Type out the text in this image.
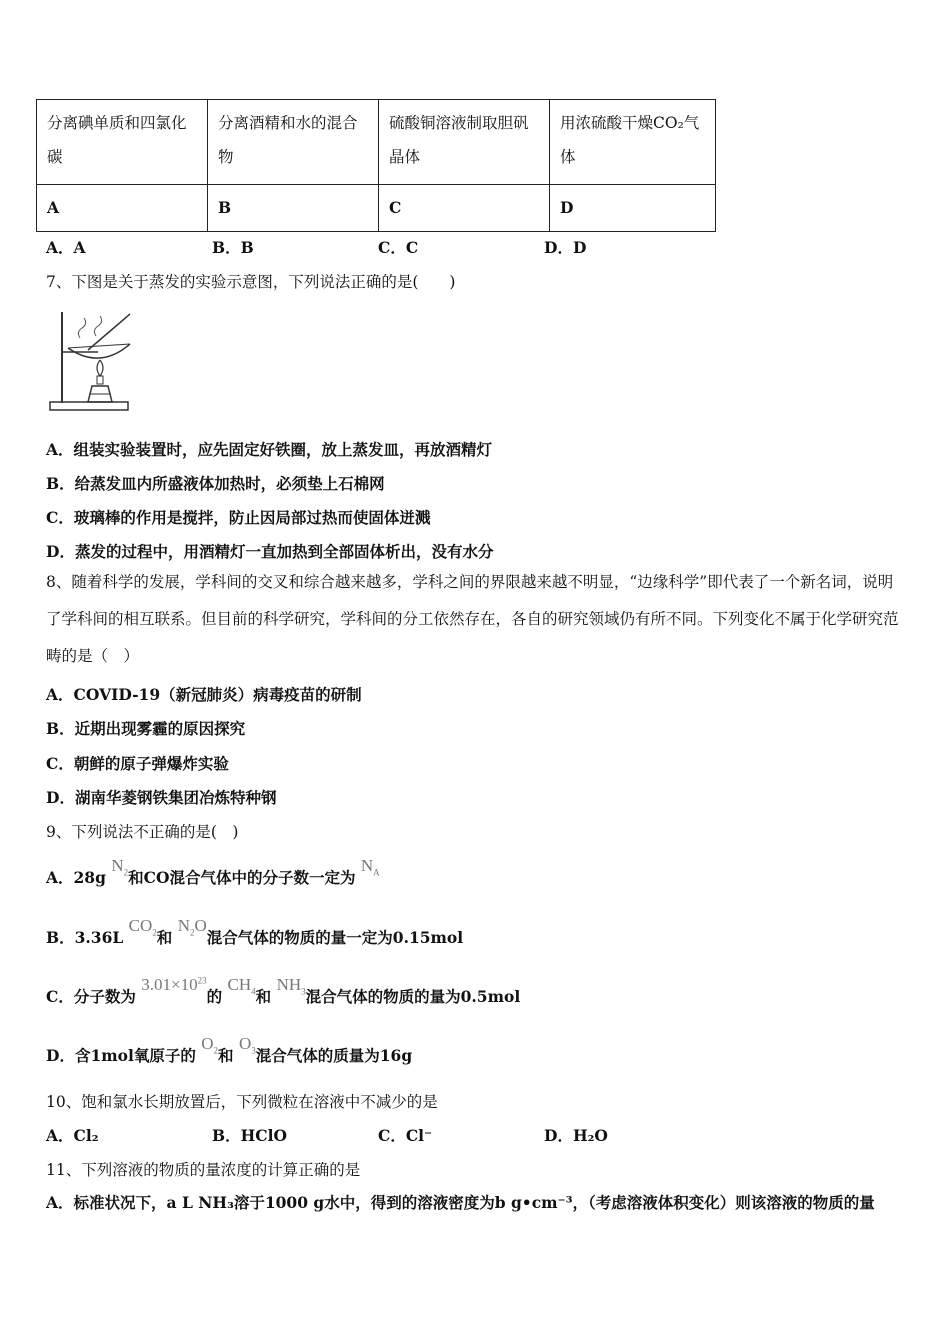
分离碘单质和四氯化碳	分离酒精和水的混合物	硫酸铜溶液制取胆矾晶体	用浓硫酸干燥CO₂气体
A	B	C	D
A．A	B．B	C．C	D．D
7、下图是关于蒸发的实验示意图，下列说法正确的是(　　)
A．组装实验装置时，应先固定好铁圈，放上蒸发皿，再放酒精灯
B．给蒸发皿内所盛液体加热时，必须垫上石棉网
C．玻璃棒的作用是搅拌，防止因局部过热而使固体迸溅
D．蒸发的过程中，用酒精灯一直加热到全部固体析出，没有水分
8、随着科学的发展，学科间的交叉和综合越来越多，学科之间的界限越来越不明显，“边缘科学”即代表了一个新名词，说明了学科间的相互联系。但目前的科学研究，学科间的分工依然存在，各自的研究领域仍有所不同。下列变化不属于化学研究范畴的是（　）
A．COVID-19（新冠肺炎）病毒疫苗的研制
B．近期出现雾霾的原因探究
C．朝鲜的原子弹爆炸实验
D．湖南华菱钢铁集团冶炼特种钢
9、下列说法不正确的是(　)
A．28g $N_2$和CO混合气体中的分子数一定为 $N_A$
B．3.36L $CO_2$和 $N_2O$混合气体的物质的量一定为0.15mol
C．分子数为 $3.01\times 10^{23}$的 $CH_4$和 $NH_3$混合气体的物质的量为0.5mol
D．含1mol氧原子的 $O_2$和 $O_3$混合气体的质量为16g
10、饱和氯水长期放置后，下列微粒在溶液中不减少的是
A．Cl₂	B．HClO	C．Cl⁻	D．H₂O
11、下列溶液的物质的量浓度的计算正确的是
A．标准状况下，a L NH₃溶于1000 g水中，得到的溶液密度为b g•cm⁻³，（考虑溶液体积变化）则该溶液的物质的量
